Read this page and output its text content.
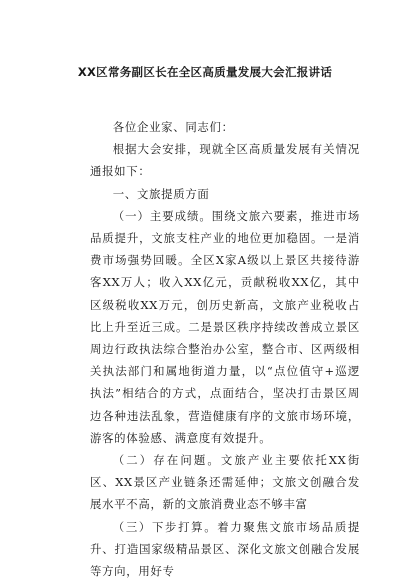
XX区常务副区长在全区高质量发展大会汇报讲话

各位企业家、同志们：

根据大会安排，现就全区高质量发展有关情况通报如下：

一、文旅提质方面

（一）主要成绩。围绕文旅六要素，推进市场品质提升，文旅支柱产业的地位更加稳固。一是消费市场强势回暖。全区X家A级以上景区共接待游客XX万人；收入XX亿元，贡献税收XX亿，其中区级税收XX万元，创历史新高，文旅产业税收占比上升至近三成。二是景区秩序持续改善成立景区周边行政执法综合整治办公室，整合市、区两级相关执法部门和属地街道力量，以“点位值守+巡逻执法”相结合的方式，点面结合，坚决打击景区周边各种违法乱象，营造健康有序的文旅市场环境，游客的体验感、满意度有效提升。

（二）存在问题。文旅产业主要依托XX街区、XX景区产业链条还需延伸；文旅文创融合发展水平不高，新的文旅消费业态不够丰富

（三）下步打算。着力聚焦文旅市场品质提升、打造国家级精品景区、深化文旅文创融合发展等方向，用好专
